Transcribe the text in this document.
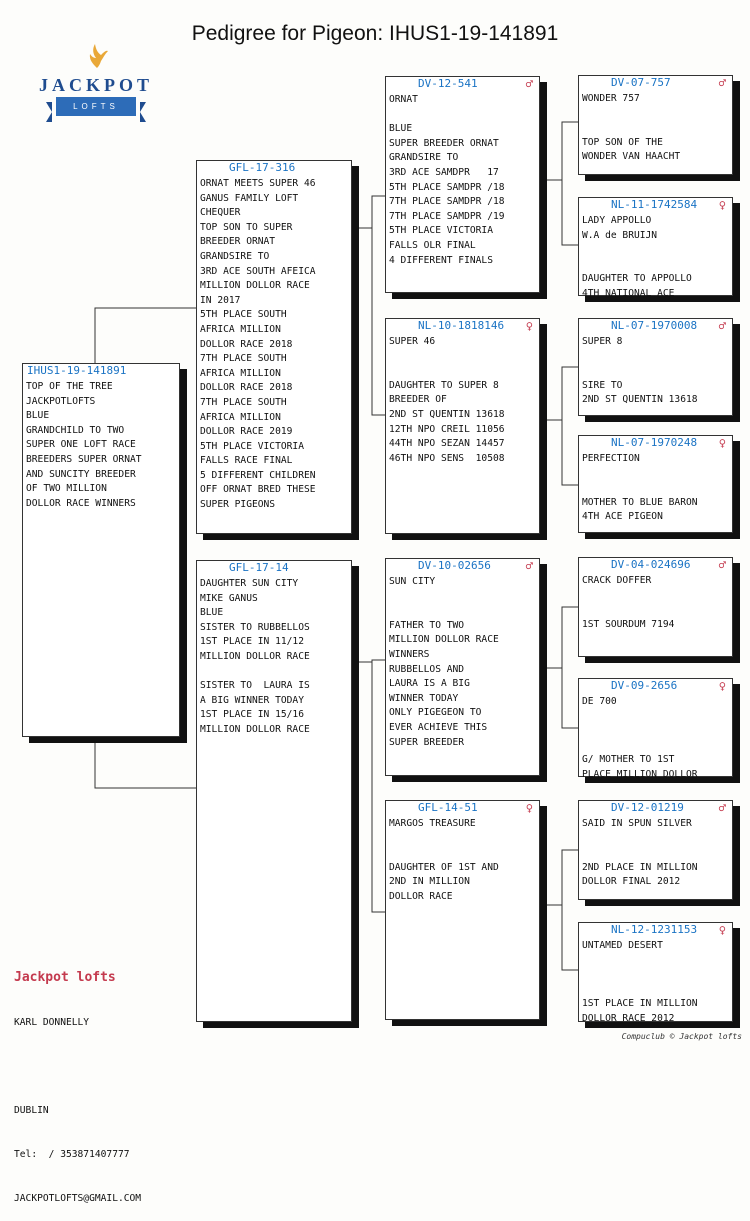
Pedigree for Pigeon: IHUS1-19-141891
JACKPOT
LOFTS
IHUS1-19-141891
TOP OF THE TREE
JACKPOTLOFTS
BLUE
GRANDCHILD TO TWO
SUPER ONE LOFT RACE
BREEDERS SUPER ORNAT
AND SUNCITY BREEDER
OF TWO MILLION
DOLLOR RACE WINNERS
GFL-17-316
ORNAT MEETS SUPER 46
GANUS FAMILY LOFT
CHEQUER
TOP SON TO SUPER
BREEDER ORNAT
GRANDSIRE TO
3RD ACE SOUTH AFEICA
MILLION DOLLOR RACE
IN 2017
5TH PLACE SOUTH
AFRICA MILLION
DOLLOR RACE 2018
7TH PLACE SOUTH
AFRICA MILLION
DOLLOR RACE 2018
7TH PLACE SOUTH
AFRICA MILLION
DOLLOR RACE 2019
5TH PLACE VICTORIA
FALLS RACE FINAL
5 DIFFERENT CHILDREN
OFF ORNAT BRED THESE
SUPER PIGEONS
GFL-17-14
DAUGHTER SUN CITY
MIKE GANUS
BLUE
SISTER TO RUBBELLOS
1ST PLACE IN 11/12
MILLION DOLLOR RACE

SISTER TO  LAURA IS
A BIG WINNER TODAY
1ST PLACE IN 15/16
MILLION DOLLOR RACE
DV-12-541	♂
ORNAT

BLUE
SUPER BREEDER ORNAT
GRANDSIRE TO
3RD ACE SAMDPR   17
5TH PLACE SAMDPR /18
7TH PLACE SAMDPR /18
7TH PLACE SAMDPR /19
5TH PLACE VICTORIA
FALLS OLR FINAL
4 DIFFERENT FINALS
NL-10-1818146 ♀
SUPER 46

DAUGHTER TO SUPER 8
BREEDER OF
2ND ST QUENTIN 13618
12TH NPO CREIL 11056
44TH NPO SEZAN 14457
46TH NPO SENS  10508
DV-10-02656	♂
SUN CITY

FATHER TO TWO
MILLION DOLLOR RACE
WINNERS
RUBBELLOS AND
LAURA IS A BIG
WINNER TODAY
ONLY PIGEGEON TO
EVER ACHIEVE THIS
SUPER BREEDER
GFL-14-51	♀
MARGOS TREASURE

DAUGHTER OF 1ST AND
2ND IN MILLION
DOLLOR RACE
DV-07-757	♂
WONDER 757

TOP SON OF THE
WONDER VAN HAACHT
NL-11-1742584 ♀
LADY APPOLLO
W.A de BRUIJN

DAUGHTER TO APPOLLO
4TH NATIONAL ACE
NL-07-1970008 ♂
SUPER 8

SIRE TO
2ND ST QUENTIN 13618
NL-07-1970248 ♀
PERFECTION

MOTHER TO BLUE BARON
4TH ACE PIGEON
DV-04-024696 ♂
CRACK DOFFER

1ST SOURDUM 7194
DV-09-2656	♀
DE 700

G/ MOTHER TO 1ST
PLACE MILLION DOLLOR
DV-12-01219	♂
SAID IN SPUN SILVER

2ND PLACE IN MILLION
DOLLOR FINAL 2012
NL-12-1231153 ♀
UNTAMED DESERT

1ST PLACE IN MILLION
DOLLOR RACE 2012

Jackpot lofts

KARL DONNELLY

DUBLIN

Tel:  / 353871407777

JACKPOTLOFTS@GMAIL.COM

Compuclub © Jackpot lofts
